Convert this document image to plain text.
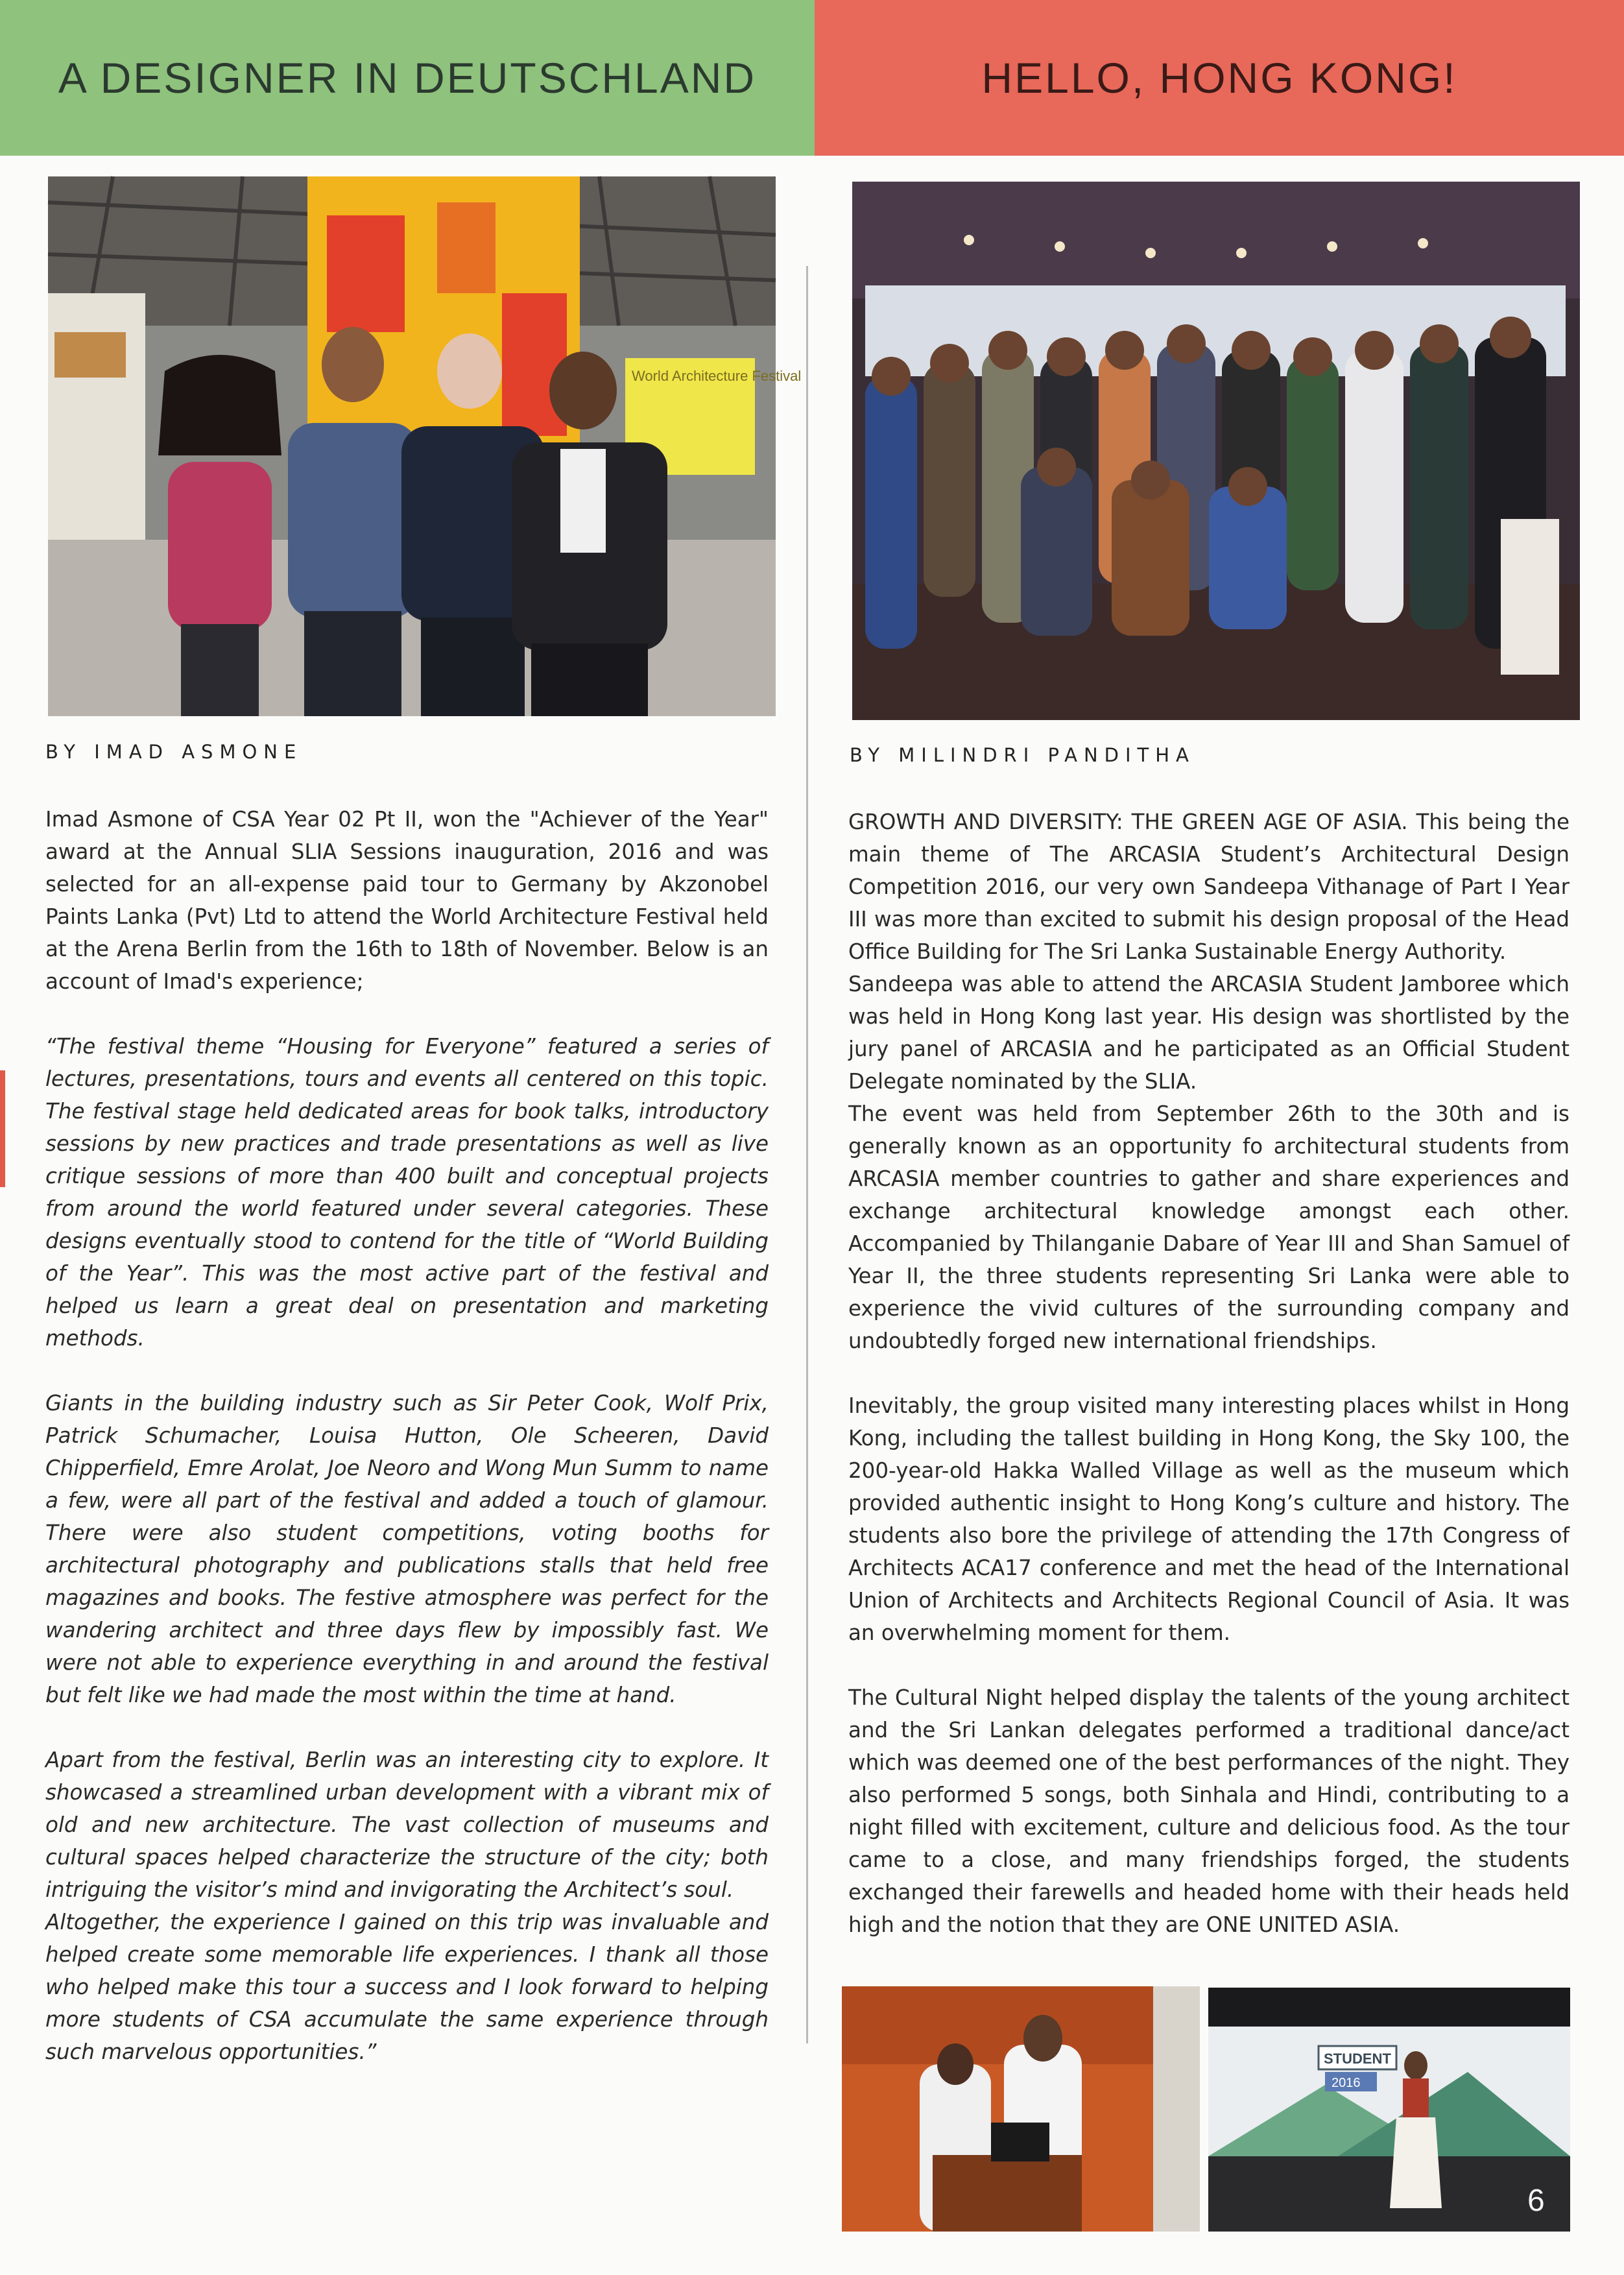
A DESIGNER IN DEUTSCHLAND	HELLO, HONG KONG!
World Architecture Festival
BY IMAD ASMONE	BY MILINDRI PANDITHA

Imad Asmone of CSA Year 02 Pt II, won the "Achiever of the Year" award at the Annual SLIA Sessions inauguration, 2016 and was selected for an all-expense paid tour to Germany by Akzonobel Paints Lanka (Pvt) Ltd to attend the World Architecture Festival held at the Arena Berlin from the 16th to 18th of November. Below is an account of Imad's experience;

“The festival theme “Housing for Everyone” featured a series of lectures, presentations, tours and events all centered on this topic. The festival stage held dedicated areas for book talks, introductory sessions by new practices and trade presentations as well as live critique sessions of more than 400 built and conceptual projects from around the world featured under several categories. These designs eventually stood to contend for the title of “World Building of the Year”. This was the most active part of the festival and helped us learn a great deal on presentation and marketing methods.

Giants in the building industry such as Sir Peter Cook, Wolf Prix, Patrick Schumacher, Louisa Hutton, Ole Scheeren, David Chipperfield, Emre Arolat, Joe Neoro and Wong Mun Summ to name a few, were all part of the festival and added a touch of glamour. There were also student competitions, voting booths for architectural photography and publications stalls that held free magazines and books. The festive atmosphere was perfect for the wandering architect and three days flew by impossibly fast. We were not able to experience everything in and around the festival but felt like we had made the most within the time at hand.

Apart from the festival, Berlin was an interesting city to explore. It showcased a streamlined urban development with a vibrant mix of old and new architecture. The vast collection of museums and cultural spaces helped characterize the structure of the city; both intriguing the visitor’s mind and invigorating the Architect’s soul.

Altogether, the experience I gained on this trip was invaluable and helped create some memorable life experiences. I thank all those who helped make this tour a success and I look forward to helping more students of CSA accumulate the same experience through such marvelous opportunities.”

GROWTH AND DIVERSITY: THE GREEN AGE OF ASIA. This being the main theme of The ARCASIA Student’s Architectural Design Competition 2016, our very own Sandeepa Vithanage of Part I Year III was more than excited to submit his design proposal of the Head Office Building for The Sri Lanka Sustainable Energy Authority.

Sandeepa was able to attend the ARCASIA Student Jamboree which was held in Hong Kong last year. His design was shortlisted by the jury panel of ARCASIA and he participated as an Official Student Delegate nominated by the SLIA.

The event was held from September 26th to the 30th and is generally known as an opportunity fo architectural students from ARCASIA member countries to gather and share experiences and exchange architectural knowledge amongst each other. Accompanied by Thilanganie Dabare of Year III and Shan Samuel of Year II, the three students representing Sri Lanka were able to experience the vivid cultures of the surrounding company and undoubtedly forged new international friendships.

Inevitably, the group visited many interesting places whilst in Hong Kong, including the tallest building in Hong Kong, the Sky 100, the 200-year-old Hakka Walled Village as well as the museum which provided authentic insight to Hong Kong’s culture and history. The students also bore the privilege of attending the 17th Congress of Architects ACA17 conference and met the head of the International Union of Architects and Architects Regional Council of Asia. It was an overwhelming moment for them.

The Cultural Night helped display the talents of the young architect and the Sri Lankan delegates performed a traditional dance/act which was deemed one of the best performances of the night. They also performed 5 songs, both Sinhala and Hindi, contributing to a night filled with excitement, culture and delicious food. As the tour came to a close, and many friendships forged, the students exchanged their farewells and headed home with their heads held high and the notion that they are ONE UNITED ASIA.

STUDENT
2016
6
